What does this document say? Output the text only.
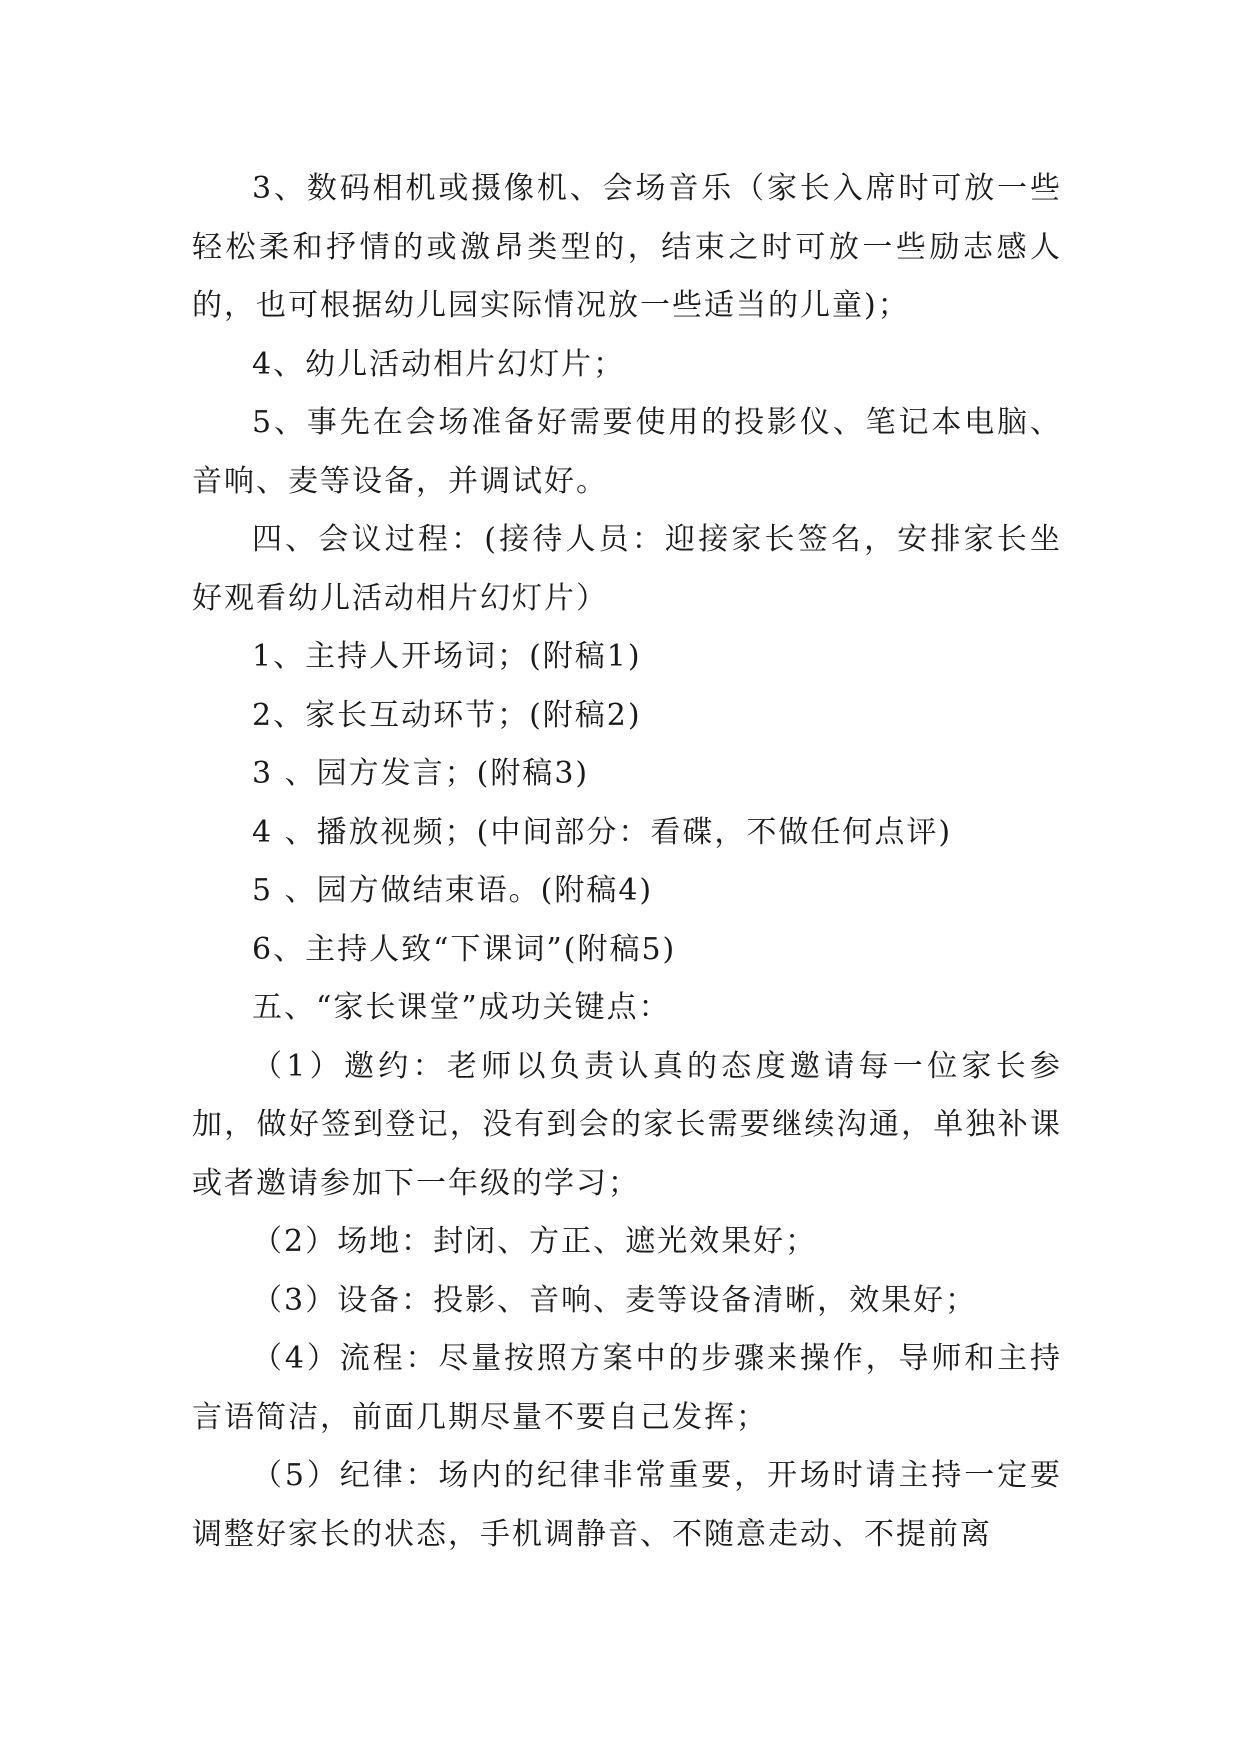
3、数码相机或摄像机、会场音乐（家长入席时可放一些轻松柔和抒情的或激昂类型的，结束之时可放一些励志感人的，也可根据幼儿园实际情况放一些适当的儿童)；

4、幼儿活动相片幻灯片；

5、事先在会场准备好需要使用的投影仪、笔记本电脑、音响、麦等设备，并调试好。

四、会议过程：(接待人员：迎接家长签名，安排家长坐好观看幼儿活动相片幻灯片）

1、主持人开场词；(附稿1)

2、家长互动环节；(附稿2)

3 、园方发言；(附稿3)

4 、播放视频；(中间部分：看碟，不做任何点评)

5 、园方做结束语。(附稿4)

6、主持人致“下课词”(附稿5)

五、“家长课堂”成功关键点：

（1）邀约：老师以负责认真的态度邀请每一位家长参加，做好签到登记，没有到会的家长需要继续沟通，单独补课或者邀请参加下一年级的学习；

（2）场地：封闭、方正、遮光效果好；

（3）设备：投影、音响、麦等设备清晰，效果好；

（4）流程：尽量按照方案中的步骤来操作，导师和主持言语简洁，前面几期尽量不要自己发挥；

（5）纪律：场内的纪律非常重要，开场时请主持一定要调整好家长的状态，手机调静音、不随意走动、不提前离
